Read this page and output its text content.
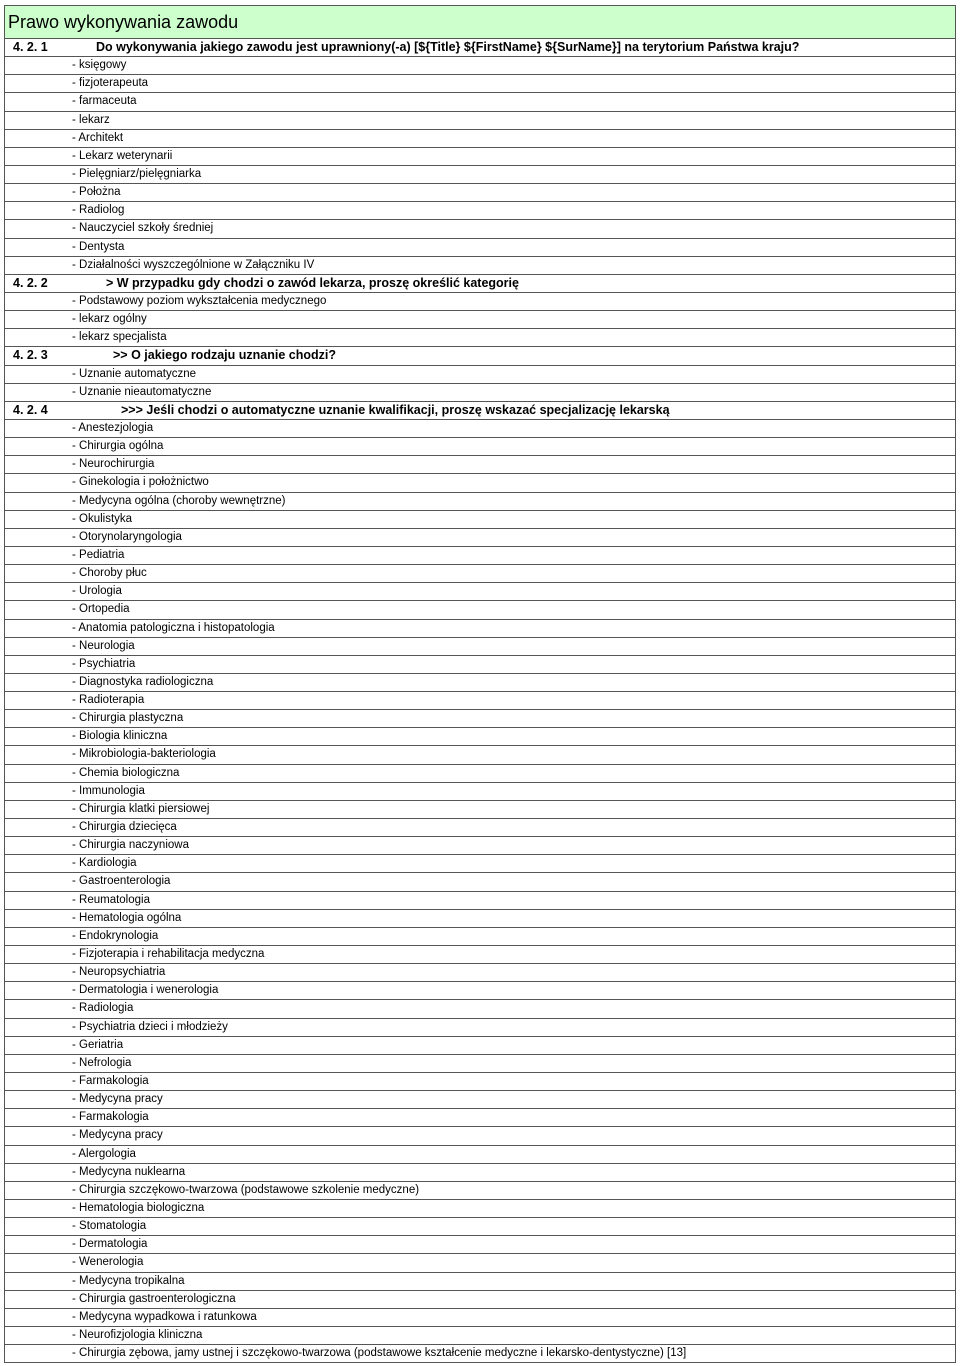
Prawo wykonywania zawodu
4. 2. 1	Do wykonywania jakiego zawodu jest uprawniony(-a) [${Title} ${FirstName} ${SurName}] na terytorium Państwa kraju?
- księgowy
- fizjoterapeuta
- farmaceuta
- lekarz
- Architekt
- Lekarz weterynarii
- Pielęgniarz/pielęgniarka
- Położna
- Radiolog
- Nauczyciel szkoły średniej
- Dentysta
- Działalności wyszczególnione w Załączniku IV
4. 2. 2	> W przypadku gdy chodzi o zawód lekarza, proszę określić kategorię
- Podstawowy poziom wykształcenia medycznego
- lekarz ogólny
- lekarz specjalista
4. 2. 3	>> O jakiego rodzaju uznanie chodzi?
- Uznanie automatyczne
- Uznanie nieautomatyczne
4. 2. 4	>>> Jeśli chodzi o automatyczne uznanie kwalifikacji, proszę wskazać specjalizację lekarską
- Anestezjologia
- Chirurgia ogólna
- Neurochirurgia
- Ginekologia i położnictwo
- Medycyna ogólna (choroby wewnętrzne)
- Okulistyka
- Otorynolaryngologia
- Pediatria
- Choroby płuc
- Urologia
- Ortopedia
- Anatomia patologiczna i histopatologia
- Neurologia
- Psychiatria
- Diagnostyka radiologiczna
- Radioterapia
- Chirurgia plastyczna
- Biologia kliniczna
- Mikrobiologia-bakteriologia
- Chemia biologiczna
- Immunologia
- Chirurgia klatki piersiowej
- Chirurgia dziecięca
- Chirurgia naczyniowa
- Kardiologia
- Gastroenterologia
- Reumatologia
- Hematologia ogólna
- Endokrynologia
- Fizjoterapia i rehabilitacja medyczna
- Neuropsychiatria
- Dermatologia i wenerologia
- Radiologia
- Psychiatria dzieci i młodzieży
- Geriatria
- Nefrologia
- Farmakologia
- Medycyna pracy
- Farmakologia
- Medycyna pracy
- Alergologia
- Medycyna nuklearna
- Chirurgia szczękowo-twarzowa (podstawowe szkolenie medyczne)
- Hematologia biologiczna
- Stomatologia
- Dermatologia
- Wenerologia
- Medycyna tropikalna
- Chirurgia gastroenterologiczna
- Medycyna wypadkowa i ratunkowa
- Neurofizjologia kliniczna
- Chirurgia zębowa, jamy ustnej i szczękowo-twarzowa (podstawowe kształcenie medyczne i lekarsko-dentystyczne) [13]
